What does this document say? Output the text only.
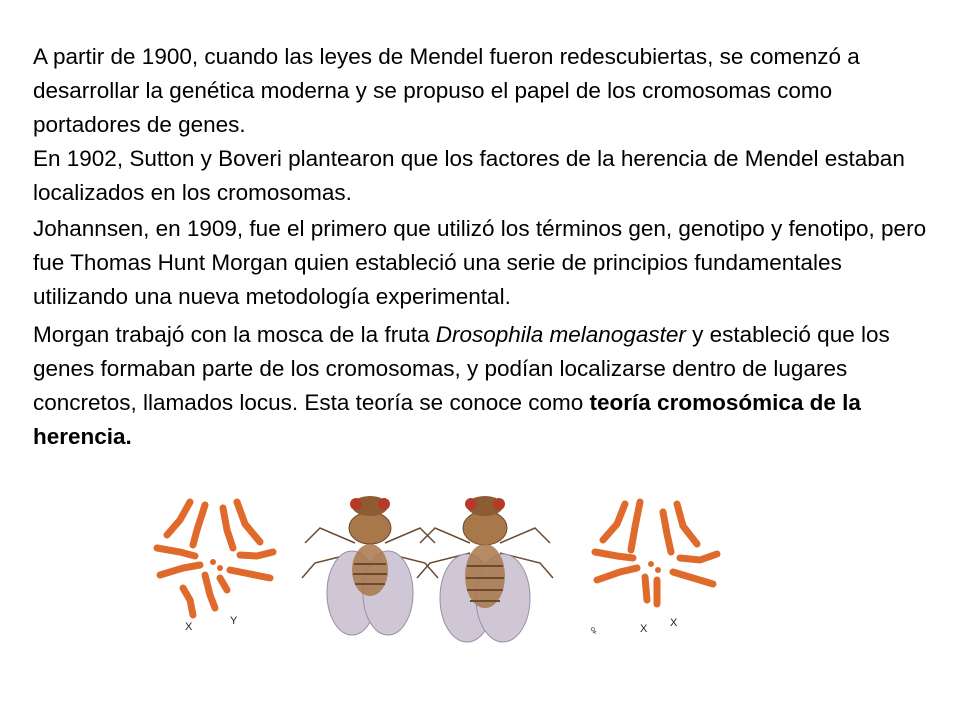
A partir de 1900, cuando las leyes de Mendel fueron redescubiertas, se comenzó a desarrollar la genética moderna y se propuso el papel de los cromosomas como portadores de genes.
En 1902, Sutton y Boveri plantearon que los factores de la herencia de Mendel estaban localizados en los cromosomas.
Johannsen, en 1909, fue el primero que utilizó los términos gen, genotipo y fenotipo, pero fue Thomas Hunt Morgan quien estableció una serie de principios fundamentales utilizando una nueva metodología experimental.
Morgan trabajó con la mosca de la fruta Drosophila melanogaster y estableció que los genes formaban parte de los cromosomas, y podían localizarse dentro de lugares concretos, llamados locus. Esta teoría se conoce como teoría cromosómica de la herencia.
X	Y
X X
♀
